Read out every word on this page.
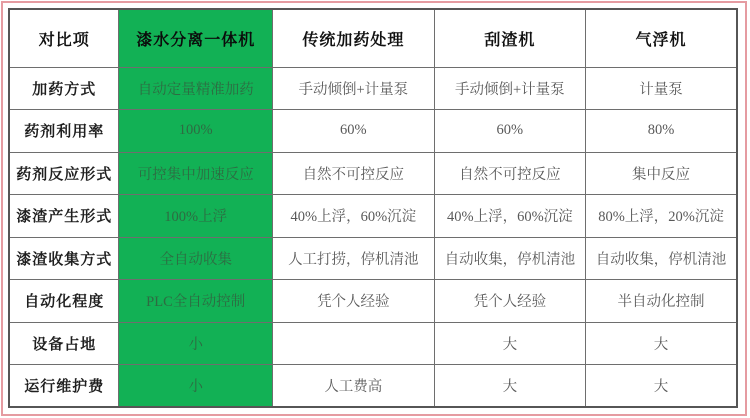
对比项	漆水分离一体机	传统加药处理	刮渣机	气浮机
加药方式	自动定量精准加药	手动倾倒+计量泵	手动倾倒+计量泵	计量泵
药剂利用率	100%	60%	60%	80%
药剂反应形式	可控集中加速反应	自然不可控反应	自然不可控反应	集中反应
漆渣产生形式	100%上浮	40%上浮，60%沉淀	40%上浮，60%沉淀	80%上浮，20%沉淀
漆渣收集方式	全自动收集	人工打捞，停机清池	自动收集，停机清池	自动收集，停机清池
自动化程度	PLC全自动控制	凭个人经验	凭个人经验	半自动化控制
设备占地	小		大	大
运行维护费	小	人工费高	大	大
